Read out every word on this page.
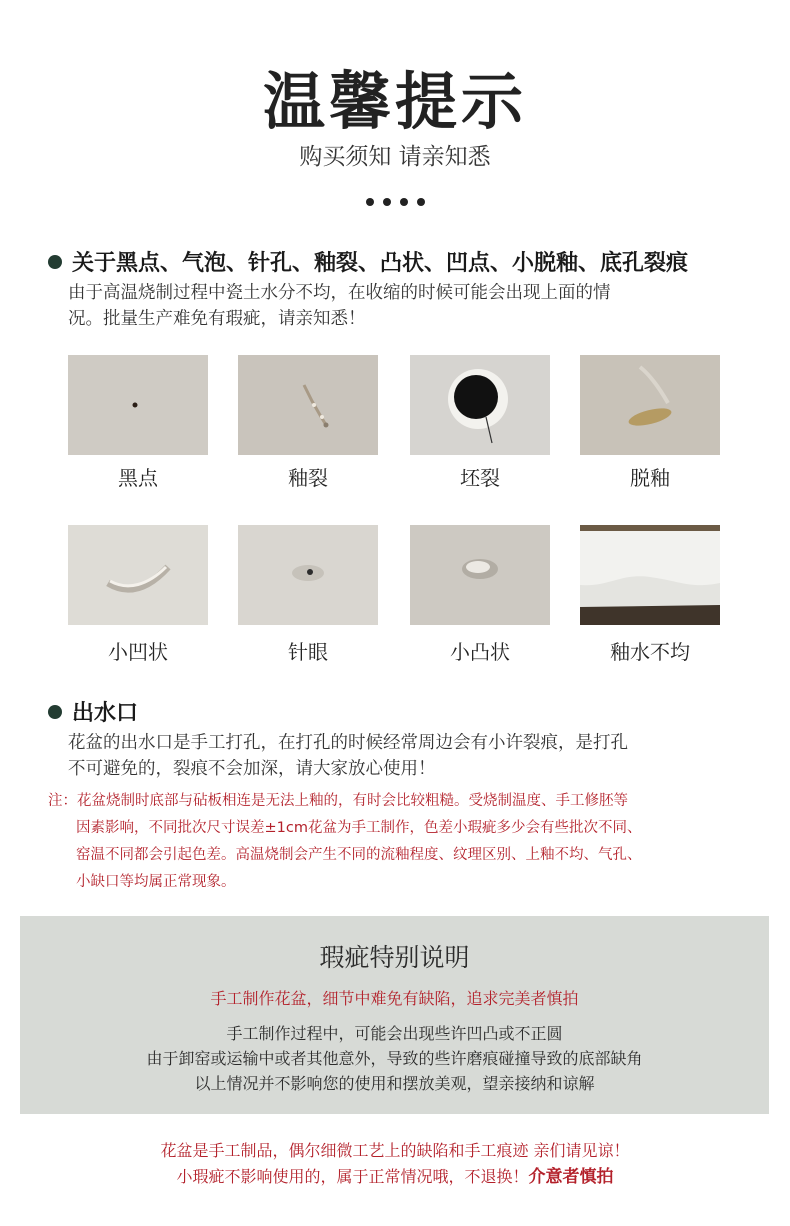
温馨提示
购买须知 请亲知悉
关于黑点、气泡、针孔、釉裂、凸状、凹点、小脱釉、底孔裂痕
由于高温烧制过程中瓷土水分不均，在收缩的时候可能会出现上面的情
况。批量生产难免有瑕疵，请亲知悉！
黑点	釉裂	坯裂	脱釉
小凹状	针眼	小凸状	釉水不均
出水口
花盆的出水口是手工打孔，在打孔的时候经常周边会有小许裂痕，是打孔
不可避免的，裂痕不会加深，请大家放心使用！
注：花盆烧制时底部与砧板相连是无法上釉的，有时会比较粗糙。受烧制温度、手工修胚等
因素影响，不同批次尺寸误差±1cm花盆为手工制作，色差小瑕疵多少会有些批次不同、
窑温不同都会引起色差。高温烧制会产生不同的流釉程度、纹理区别、上釉不均、气孔、
小缺口等均属正常现象。
瑕疵特别说明
手工制作花盆，细节中难免有缺陷，追求完美者慎拍
手工制作过程中，可能会出现些许凹凸或不正圆
由于卸窑或运输中或者其他意外，导致的些许磨痕碰撞导致的底部缺角
以上情况并不影响您的使用和摆放美观，望亲接纳和谅解
花盆是手工制品，偶尔细微工艺上的缺陷和手工痕迹 亲们请见谅！
小瑕疵不影响使用的，属于正常情况哦，不退换！介意者慎拍
